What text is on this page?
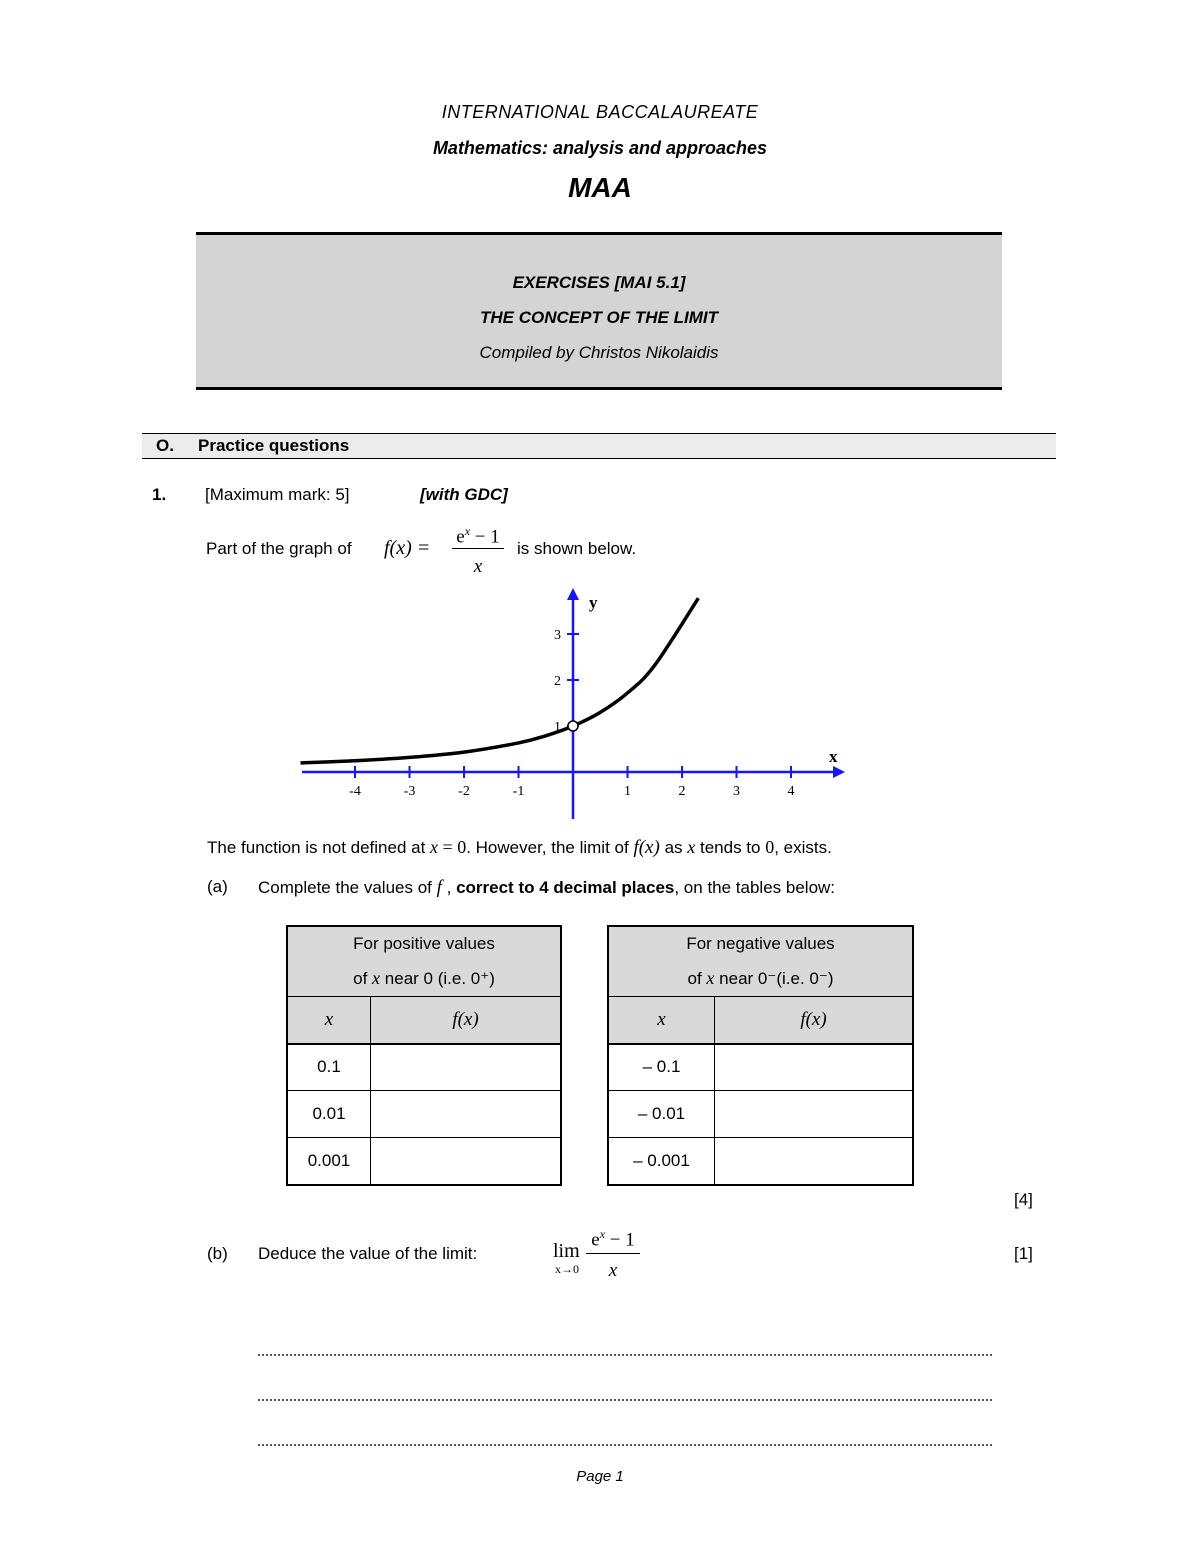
INTERNATIONAL BACCALAUREATE
Mathematics: analysis and approaches
MAA
EXERCISES [MAI 5.1]
THE CONCEPT OF THE LIMIT
Compiled by Christos Nikolaidis
O. Practice questions
1. [Maximum mark: 5]	[with GDC]
Part of the graph of f(x) =
$e^x - 1$
x
is shown below.
x
y
-4	-3	-2	-1	1	2	3	4
1
2
3
The function is not defined at x = 0. However, the limit of f(x) as x tends to 0, exists.
(a) Complete the values of f , correct to 4 decimal places, on the tables below:
For positive values
of x near 0 (i.e. 0⁺)	

x	f(x)
0.1	
0.01	
0.001	
For negative values
of x near 0⁻(i.e. 0⁻)	

x	f(x)
– 0.1	
– 0.01	
– 0.001	
[4]
(b) Deduce the value of the limit:	lim
x→0
$e^x - 1$
x
[1]
Page 1
